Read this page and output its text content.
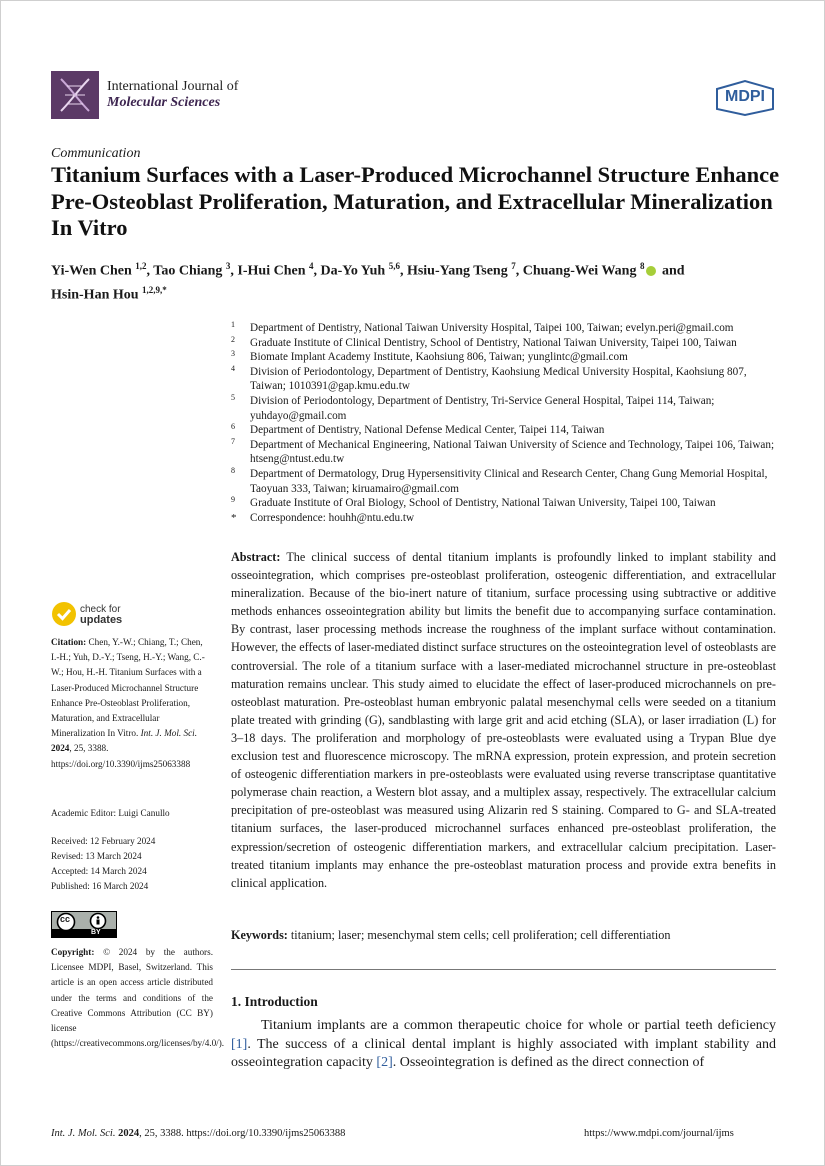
International Journal of
Molecular Sciences	MDPI
Communication
Titanium Surfaces with a Laser-Produced Microchannel Structure Enhance Pre-Osteoblast Proliferation, Maturation, and Extracellular Mineralization In Vitro
Yi-Wen Chen $^{1,2}$, Tao Chiang $^3$, I-Hui Chen $^4$, Da-Yo Yuh $^{5,6}$, Hsiu-Yang Tseng $^7$, Chuang-Wei Wang $^8$ and
Hsin-Han Hou $^{1,2,9,*}$
1 Department of Dentistry, National Taiwan University Hospital, Taipei 100, Taiwan; evelyn.peri@gmail.com
2 Graduate Institute of Clinical Dentistry, School of Dentistry, National Taiwan University, Taipei 100, Taiwan
3 Biomate Implant Academy Institute, Kaohsiung 806, Taiwan; yunglintc@gmail.com
4 Division of Periodontology, Department of Dentistry, Kaohsiung Medical University Hospital, Kaohsiung 807, Taiwan; 1010391@gap.kmu.edu.tw
5 Division of Periodontology, Department of Dentistry, Tri-Service General Hospital, Taipei 114, Taiwan; yuhdayo@gmail.com
6 Department of Dentistry, National Defense Medical Center, Taipei 114, Taiwan
7 Department of Mechanical Engineering, National Taiwan University of Science and Technology, Taipei 106, Taiwan; htseng@ntust.edu.tw
8 Department of Dermatology, Drug Hypersensitivity Clinical and Research Center, Chang Gung Memorial Hospital, Taoyuan 333, Taiwan; kiruamairo@gmail.com
9 Graduate Institute of Oral Biology, School of Dentistry, National Taiwan University, Taipei 100, Taiwan
* Correspondence: houhh@ntu.edu.tw
Abstract: The clinical success of dental titanium implants is profoundly linked to implant stability and osseointegration, which comprises pre-osteoblast proliferation, osteogenic differentiation, and extracellular mineralization. Because of the bio-inert nature of titanium, surface processing using subtractive or additive methods enhances osseointegration ability but limits the benefit due to accompanying surface contamination. By contrast, laser processing methods increase the roughness of the implant surface without contamination. However, the effects of laser-mediated distinct surface structures on the osteointegration level of osteoblasts are controversial. The role of a titanium surface with a laser-mediated microchannel structure in pre-osteoblast maturation remains unclear. This study aimed to elucidate the effect of laser-produced microchannels on pre-osteoblast maturation. Pre-osteoblast human embryonic palatal mesenchymal cells were seeded on a titanium plate treated with grinding (G), sandblasting with large grit and acid etching (SLA), or laser irradiation (L) for 3–18 days. The proliferation and morphology of pre-osteoblasts were evaluated using a Trypan Blue dye exclusion test and fluorescence microscopy. The mRNA expression, protein expression, and protein secretion of osteogenic differentiation markers in pre-osteoblasts were evaluated using reverse transcriptase quantitative polymerase chain reaction, a Western blot assay, and a multiplex assay, respectively. The extracellular calcium precipitation of pre-osteoblast was measured using Alizarin red S staining. Compared to G- and SLA-treated titanium surfaces, the laser-produced microchannel surfaces enhanced pre-osteoblast proliferation, the expression/secretion of osteogenic differentiation markers, and extracellular calcium precipitation. Laser-treated titanium implants may enhance the pre-osteoblast maturation process and provide extra benefits in clinical application.
Keywords: titanium; laser; mesenchymal stem cells; cell proliferation; cell differentiation
1. Introduction
Titanium implants are a common therapeutic choice for whole or partial teeth deficiency [1]. The success of a clinical dental implant is highly associated with implant stability and osseointegration capacity [2]. Osseointegration is defined as the direct connection of
check for
updates
Citation: Chen, Y.-W.; Chiang, T.; Chen, I.-H.; Yuh, D.-Y.; Tseng, H.-Y.; Wang, C.-W.; Hou, H.-H. Titanium Surfaces with a Laser-Produced Microchannel Structure Enhance Pre-Osteoblast Proliferation, Maturation, and Extracellular Mineralization In Vitro. Int. J. Mol. Sci. 2024, 25, 3388. https://doi.org/10.3390/ijms25063388
Academic Editor: Luigi Canullo
Received: 12 February 2024
Revised: 13 March 2024
Accepted: 14 March 2024
Published: 16 March 2024
cc
BY
Copyright: © 2024 by the authors. Licensee MDPI, Basel, Switzerland. This article is an open access article distributed under the terms and conditions of the Creative Commons Attribution (CC BY) license (https://creativecommons.org/licenses/by/4.0/).
Int. J. Mol. Sci. 2024, 25, 3388. https://doi.org/10.3390/ijms25063388	https://www.mdpi.com/journal/ijms
